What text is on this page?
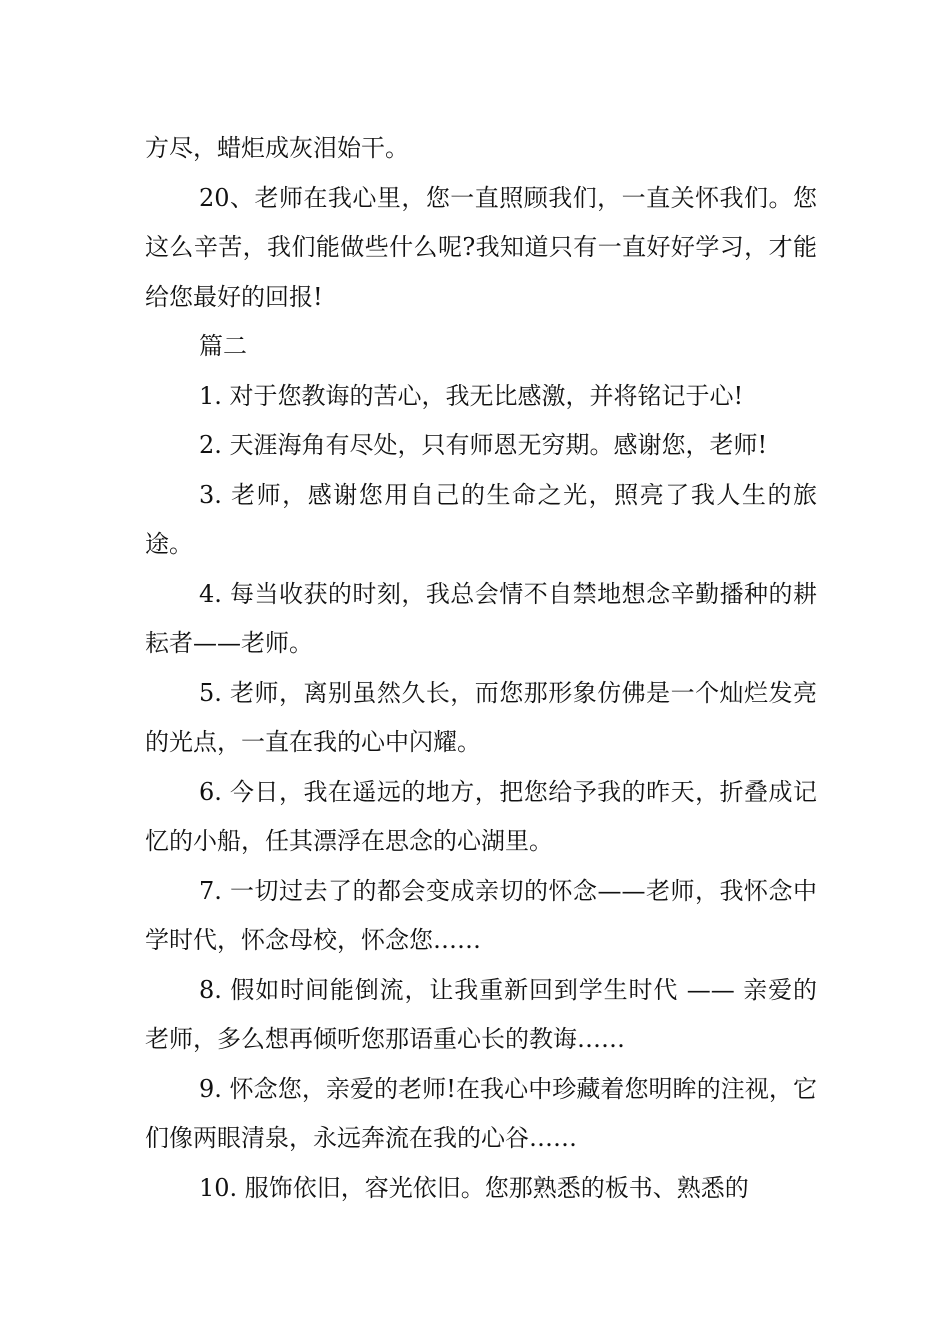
方尽，蜡炬成灰泪始干。

20、老师在我心里，您一直照顾我们，一直关怀我们。您这么辛苦，我们能做些什么呢?我知道只有一直好好学习，才能给您最好的回报!

篇二

1. 对于您教诲的苦心，我无比感激，并将铭记于心!

2. 天涯海角有尽处，只有师恩无穷期。感谢您，老师!

3. 老师，感谢您用自己的生命之光，照亮了我人生的旅途。

4. 每当收获的时刻，我总会情不自禁地想念辛勤播种的耕耘者——老师。

5. 老师，离别虽然久长，而您那形象仿佛是一个灿烂发亮的光点，一直在我的心中闪耀。

6. 今日，我在遥远的地方，把您给予我的昨天，折叠成记忆的小船，任其漂浮在思念的心湖里。

7. 一切过去了的都会变成亲切的怀念——老师，我怀念中学时代，怀念母校，怀念您……

8. 假如时间能倒流，让我重新回到学生时代 —— 亲爱的老师，多么想再倾听您那语重心长的教诲……

9. 怀念您，亲爱的老师!在我心中珍藏着您明眸的注视，它们像两眼清泉，永远奔流在我的心谷……

10. 服饰依旧，容光依旧。您那熟悉的板书、熟悉的
